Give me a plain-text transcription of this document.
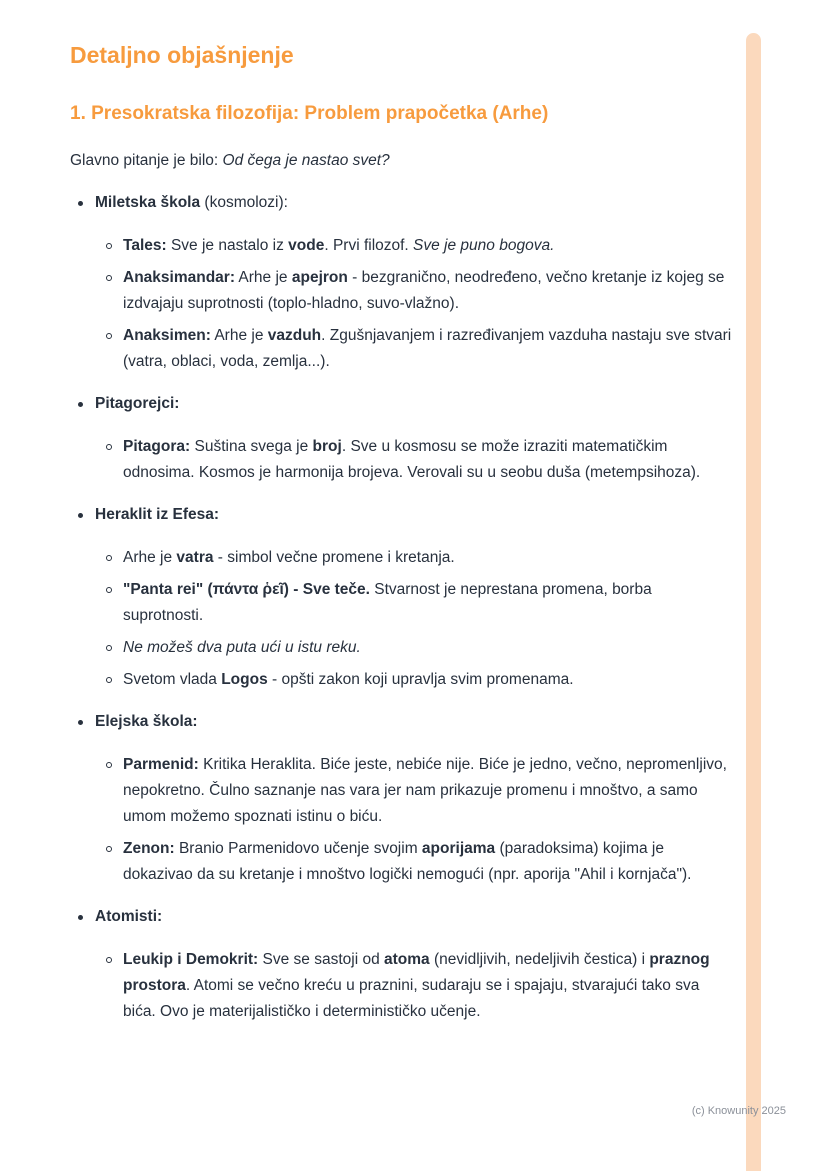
Detaljno objašnjenje
1. Presokratska filozofija: Problem prapočetka (Arhe)

Glavno pitanje je bilo: Od čega je nastao svet?

Miletska škola (kosmolozi):
Tales: Sve je nastalo iz vode. Prvi filozof. Sve je puno bogova.
Anaksimandar: Arhe je apejron - bezgranično, neodređeno, večno kretanje iz kojeg se izdvajaju suprotnosti (toplo-hladno, suvo-vlažno).
Anaksimen: Arhe je vazduh. Zgušnjavanjem i razređivanjem vazduha nastaju sve stvari (vatra, oblaci, voda, zemlja...).
Pitagorejci:
Pitagora: Suština svega je broj. Sve u kosmosu se može izraziti matematičkim odnosima. Kosmos je harmonija brojeva. Verovali su u seobu duša (metempsihoza).
Heraklit iz Efesa:
Arhe je vatra - simbol večne promene i kretanja.
"Panta rei" (πάντα ῥεῖ) - Sve teče. Stvarnost je neprestana promena, borba suprotnosti.
Ne možeš dva puta ući u istu reku.
Svetom vlada Logos - opšti zakon koji upravlja svim promenama.
Elejska škola:
Parmenid: Kritika Heraklita. Biće jeste, nebiće nije. Biće je jedno, večno, nepromenljivo, nepokretno. Čulno saznanje nas vara jer nam prikazuje promenu i mnoštvo, a samo umom možemo spoznati istinu o biću.
Zenon: Branio Parmenidovo učenje svojim aporijama (paradoksima) kojima je dokazivao da su kretanje i mnoštvo logički nemogući (npr. aporija "Ahil i kornjača").
Atomisti:
Leukip i Demokrit: Sve se sastoji od atoma (nevidljivih, nedeljivih čestica) i praznog prostora. Atomi se večno kreću u praznini, sudaraju se i spajaju, stvarajući tako sva bića. Ovo je materijalističko i determinističko učenje.
(c) Knowunity 2025
